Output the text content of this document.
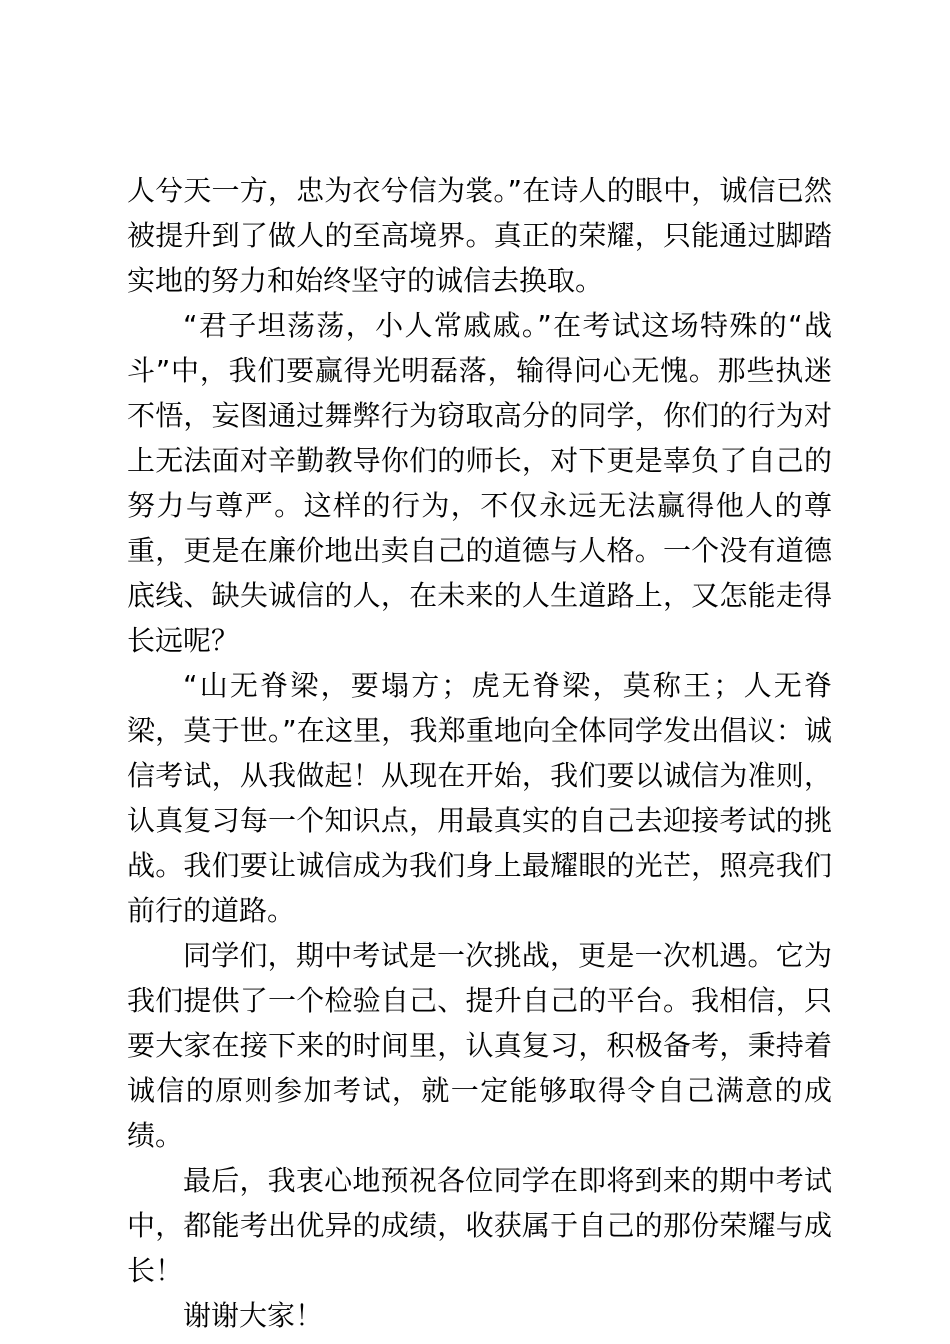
人兮天一方，忠为衣兮信为裳。”在诗人的眼中，诚信已然被提升到了做人的至高境界。真正的荣耀，只能通过脚踏实地的努力和始终坚守的诚信去换取。

“君子坦荡荡，小人常戚戚。”在考试这场特殊的“战斗”中，我们要赢得光明磊落，输得问心无愧。那些执迷不悟，妄图通过舞弊行为窃取高分的同学，你们的行为对上无法面对辛勤教导你们的师长，对下更是辜负了自己的努力与尊严。这样的行为，不仅永远无法赢得他人的尊重，更是在廉价地出卖自己的道德与人格。一个没有道德底线、缺失诚信的人，在未来的人生道路上，又怎能走得长远呢？

“山无脊梁，要塌方；虎无脊梁，莫称王；人无脊梁，莫于世。”在这里，我郑重地向全体同学发出倡议：诚信考试，从我做起！从现在开始，我们要以诚信为准则，认真复习每一个知识点，用最真实的自己去迎接考试的挑战。我们要让诚信成为我们身上最耀眼的光芒，照亮我们前行的道路。

同学们，期中考试是一次挑战，更是一次机遇。它为我们提供了一个检验自己、提升自己的平台。我相信，只要大家在接下来的时间里，认真复习，积极备考，秉持着诚信的原则参加考试，就一定能够取得令自己满意的成绩。

最后，我衷心地预祝各位同学在即将到来的期中考试中，都能考出优异的成绩，收获属于自己的那份荣耀与成长！

谢谢大家！
